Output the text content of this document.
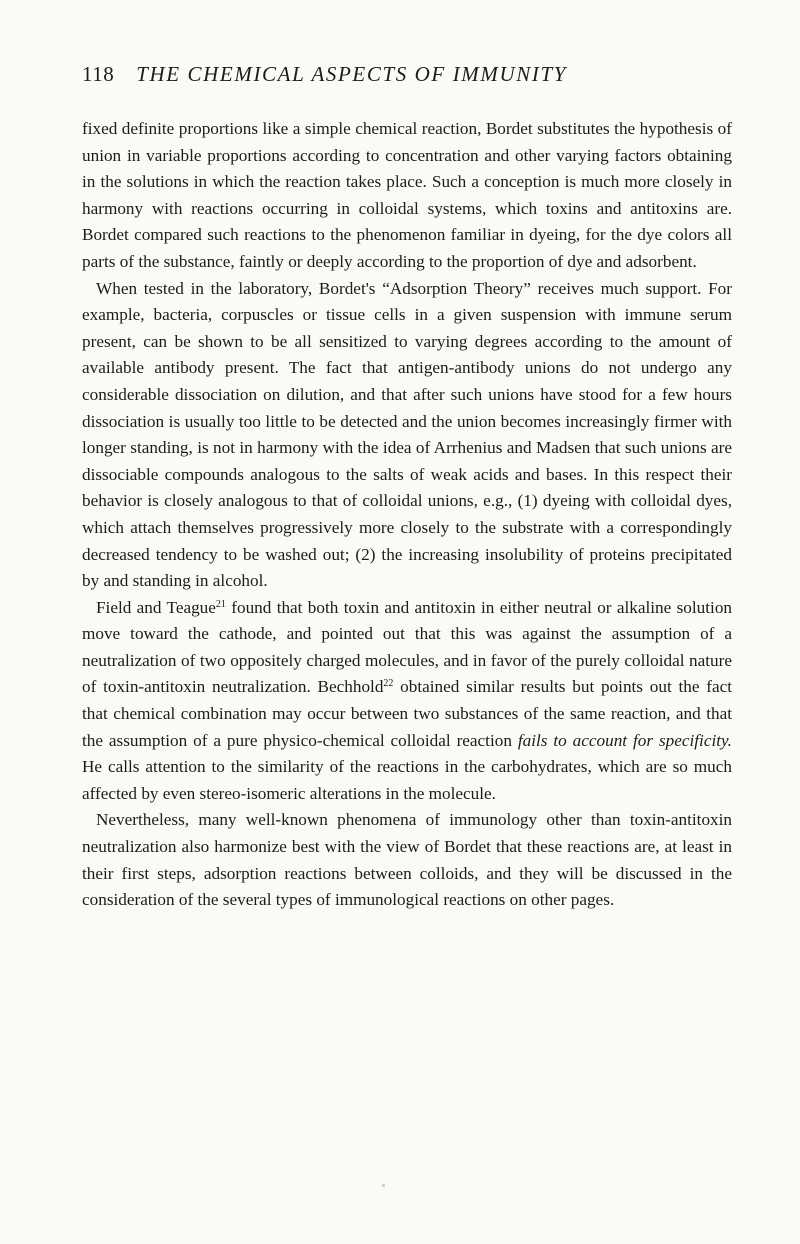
118 THE CHEMICAL ASPECTS OF IMMUNITY

fixed definite proportions like a simple chemical reaction, Bordet substitutes the hypothesis of union in variable proportions according to concentration and other varying factors obtaining in the solutions in which the reaction takes place. Such a conception is much more closely in harmony with reactions occurring in colloidal systems, which toxins and antitoxins are. Bordet compared such reactions to the phenomenon familiar in dyeing, for the dye colors all parts of the substance, faintly or deeply according to the proportion of dye and adsorbent.

When tested in the laboratory, Bordet's “Adsorption Theory” receives much support. For example, bacteria, corpuscles or tissue cells in a given suspension with immune serum present, can be shown to be all sensitized to varying degrees according to the amount of available antibody present. The fact that antigen-antibody unions do not undergo any considerable dissociation on dilution, and that after such unions have stood for a few hours dissociation is usually too little to be detected and the union becomes increasingly firmer with longer standing, is not in harmony with the idea of Arrhenius and Madsen that such unions are dissociable compounds analogous to the salts of weak acids and bases. In this respect their behavior is closely analogous to that of colloidal unions, e.g., (1) dyeing with colloidal dyes, which attach themselves progressively more closely to the substrate with a correspondingly decreased tendency to be washed out; (2) the increasing insolubility of proteins precipitated by and standing in alcohol.

Field and Teague$^{21}$ found that both toxin and antitoxin in either neutral or alkaline solution move toward the cathode, and pointed out that this was against the assumption of a neutralization of two oppositely charged molecules, and in favor of the purely colloidal nature of toxin-antitoxin neutralization. Bechhold$^{22}$ obtained similar results but points out the fact that chemical combination may occur between two substances of the same reaction, and that the assumption of a pure physico-chemical colloidal reaction fails to account for specificity. He calls attention to the similarity of the reactions in the carbohydrates, which are so much affected by even stereo-isomeric alterations in the molecule.

Nevertheless, many well-known phenomena of immunology other than toxin-antitoxin neutralization also harmonize best with the view of Bordet that these reactions are, at least in their first steps, adsorption reactions between colloids, and they will be discussed in the consideration of the several types of immunological reactions on other pages.
